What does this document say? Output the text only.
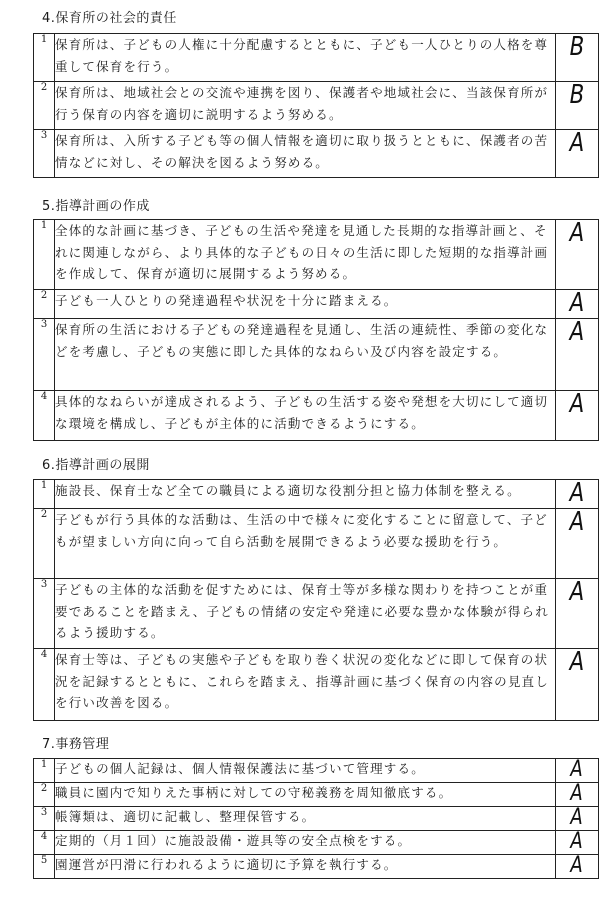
4.保育所の社会的責任
1	保育所は、子どもの人権に十分配慮するとともに、子ども一人ひとりの人格を尊重して保育を行う。	B
2	保育所は、地域社会との交流や連携を図り、保護者や地域社会に、当該保育所が行う保育の内容を適切に説明するよう努める。	B
3	保育所は、入所する子ども等の個人情報を適切に取り扱うとともに、保護者の苦情などに対し、その解決を図るよう努める。	A
5.指導計画の作成
1	全体的な計画に基づき、子どもの生活や発達を見通した長期的な指導計画と、それに関連しながら、より具体的な子どもの日々の生活に即した短期的な指導計画を作成して、保育が適切に展開するよう努める。	A
2	子ども一人ひとりの発達過程や状況を十分に踏まえる。	A
3	保育所の生活における子どもの発達過程を見通し、生活の連続性、季節の変化などを考慮し、子どもの実態に即した具体的なねらい及び内容を設定する。	A
4	具体的なねらいが達成されるよう、子どもの生活する姿や発想を大切にして適切な環境を構成し、子どもが主体的に活動できるようにする。	A
6.指導計画の展開
1	施設長、保育士など全ての職員による適切な役割分担と協力体制を整える。	A
2	子どもが行う具体的な活動は、生活の中で様々に変化することに留意して、子どもが望ましい方向に向って自ら活動を展開できるよう必要な援助を行う。	A
3	子どもの主体的な活動を促すためには、保育士等が多様な関わりを持つことが重要であることを踏まえ、子どもの情緒の安定や発達に必要な豊かな体験が得られるよう援助する。	A
4	保育士等は、子どもの実態や子どもを取り巻く状況の変化などに即して保育の状況を記録するとともに、これらを踏まえ、指導計画に基づく保育の内容の見直しを行い改善を図る。	A
7.事務管理
1	子どもの個人記録は、個人情報保護法に基づいて管理する。	A
2	職員に園内で知りえた事柄に対しての守秘義務を周知徹底する。	A
3	帳簿類は、適切に記載し、整理保管する。	A
4	定期的（月１回）に施設設備・遊具等の安全点検をする。	A
5	園運営が円滑に行われるように適切に予算を執行する。	A
